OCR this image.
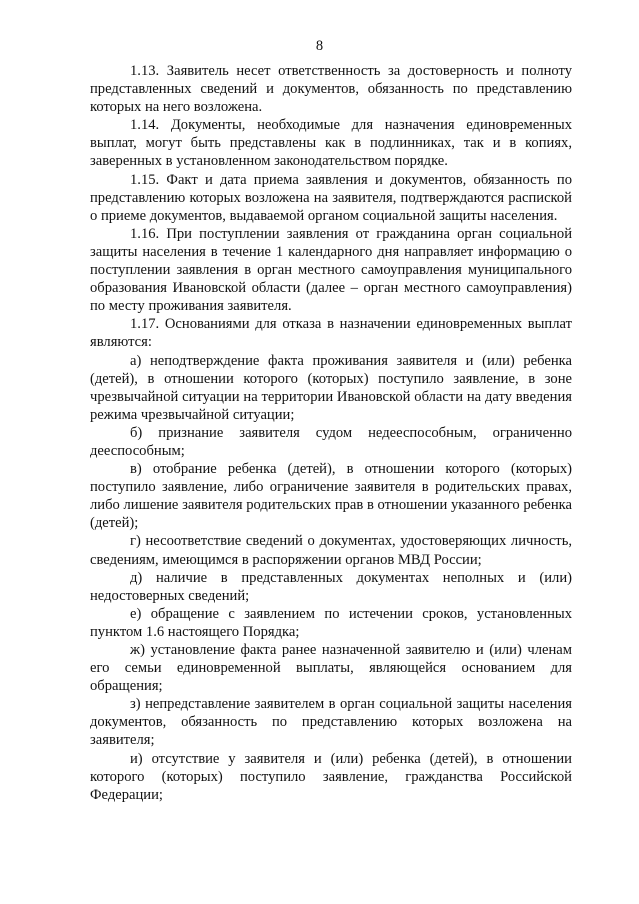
8

1.13. Заявитель несет ответственность за достоверность и полноту представленных сведений и документов, обязанность по представлению которых на него возложена.

1.14. Документы, необходимые для назначения единовременных выплат, могут быть представлены как в подлинниках, так и в копиях, заверенных в установленном законодательством порядке.

1.15. Факт и дата приема заявления и документов, обязанность по представлению которых возложена на заявителя, подтверждаются распиской о приеме документов, выдаваемой органом социальной защиты населения.

1.16. При поступлении заявления от гражданина орган социальной защиты населения в течение 1 календарного дня направляет информацию о поступлении заявления в орган местного самоуправления муниципального образования Ивановской области (далее – орган местного самоуправления) по месту проживания заявителя.

1.17. Основаниями для отказа в назначении единовременных выплат являются:

а) неподтверждение факта проживания заявителя и (или) ребенка (детей), в отношении которого (которых) поступило заявление, в зоне чрезвычайной ситуации на территории Ивановской области на дату введения режима чрезвычайной ситуации;

б) признание заявителя судом недееспособным, ограниченно дееспособным;

в) отобрание ребенка (детей), в отношении которого (которых) поступило заявление, либо ограничение заявителя в родительских правах, либо лишение заявителя родительских прав в отношении указанного ребенка (детей);

г) несоответствие сведений о документах, удостоверяющих личность, сведениям, имеющимся в распоряжении органов МВД России;

д) наличие в представленных документах неполных и (или) недостоверных сведений;

е) обращение с заявлением по истечении сроков, установленных пунктом 1.6 настоящего Порядка;

ж) установление факта ранее назначенной заявителю и (или) членам его семьи единовременной выплаты, являющейся основанием для обращения;

з) непредставление заявителем в орган социальной защиты населения документов, обязанность по представлению которых возложена на заявителя;

и) отсутствие у заявителя и (или) ребенка (детей), в отношении которого (которых) поступило заявление, гражданства Российской Федерации;
